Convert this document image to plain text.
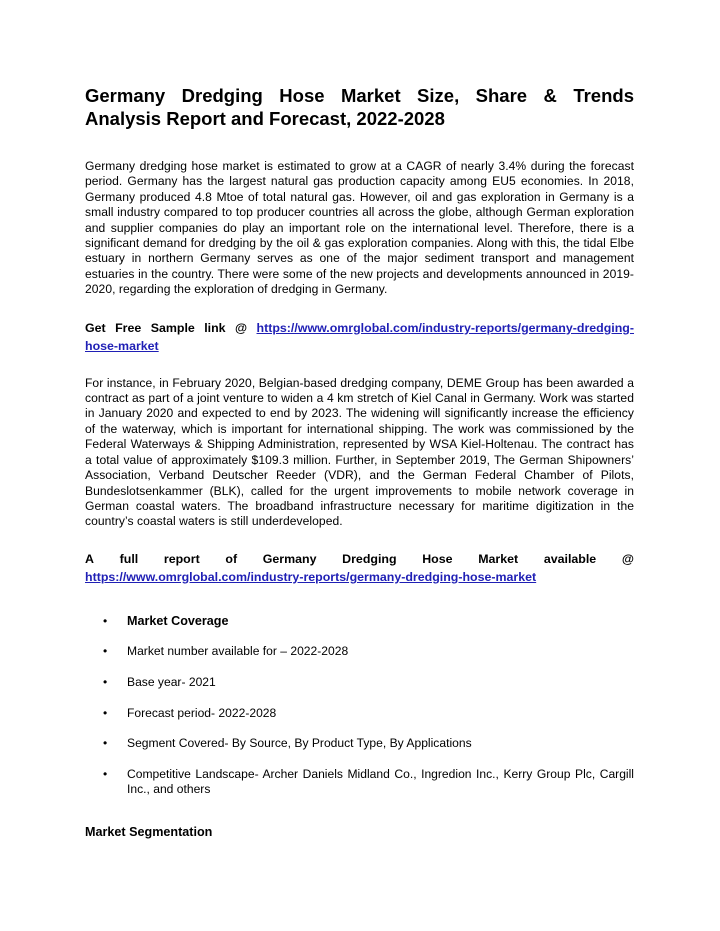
Germany Dredging Hose Market Size, Share & Trends Analysis Report and Forecast, 2022-2028

Germany dredging hose market is estimated to grow at a CAGR of nearly 3.4% during the forecast period. Germany has the largest natural gas production capacity among EU5 economies. In 2018, Germany produced 4.8 Mtoe of total natural gas. However, oil and gas exploration in Germany is a small industry compared to top producer countries all across the globe, although German exploration and supplier companies do play an important role on the international level. Therefore, there is a significant demand for dredging by the oil & gas exploration companies. Along with this, the tidal Elbe estuary in northern Germany serves as one of the major sediment transport and management estuaries in the country. There were some of the new projects and developments announced in 2019-2020, regarding the exploration of dredging in Germany.

Get Free Sample link @ https://www.omrglobal.com/industry-reports/germany-dredging-hose-market

For instance, in February 2020, Belgian-based dredging company, DEME Group has been awarded a contract as part of a joint venture to widen a 4 km stretch of Kiel Canal in Germany. Work was started in January 2020 and expected to end by 2023. The widening will significantly increase the efficiency of the waterway, which is important for international shipping. The work was commissioned by the Federal Waterways & Shipping Administration, represented by WSA Kiel-Holtenau. The contract has a total value of approximately $109.3 million. Further, in September 2019, The German Shipowners’ Association, Verband Deutscher Reeder (VDR), and the German Federal Chamber of Pilots, Bundeslotsenkammer (BLK), called for the urgent improvements to mobile network coverage in German coastal waters. The broadband infrastructure necessary for maritime digitization in the country’s coastal waters is still underdeveloped.

A full report of Germany Dredging Hose Market available @
https://www.omrglobal.com/industry-reports/germany-dredging-hose-market
• Market Coverage
• Market number available for – 2022-2028
• Base year- 2021
• Forecast period- 2022-2028
• Segment Covered- By Source, By Product Type, By Applications
• Competitive Landscape- Archer Daniels Midland Co., Ingredion Inc., Kerry Group Plc, Cargill Inc., and others
Market Segmentation
